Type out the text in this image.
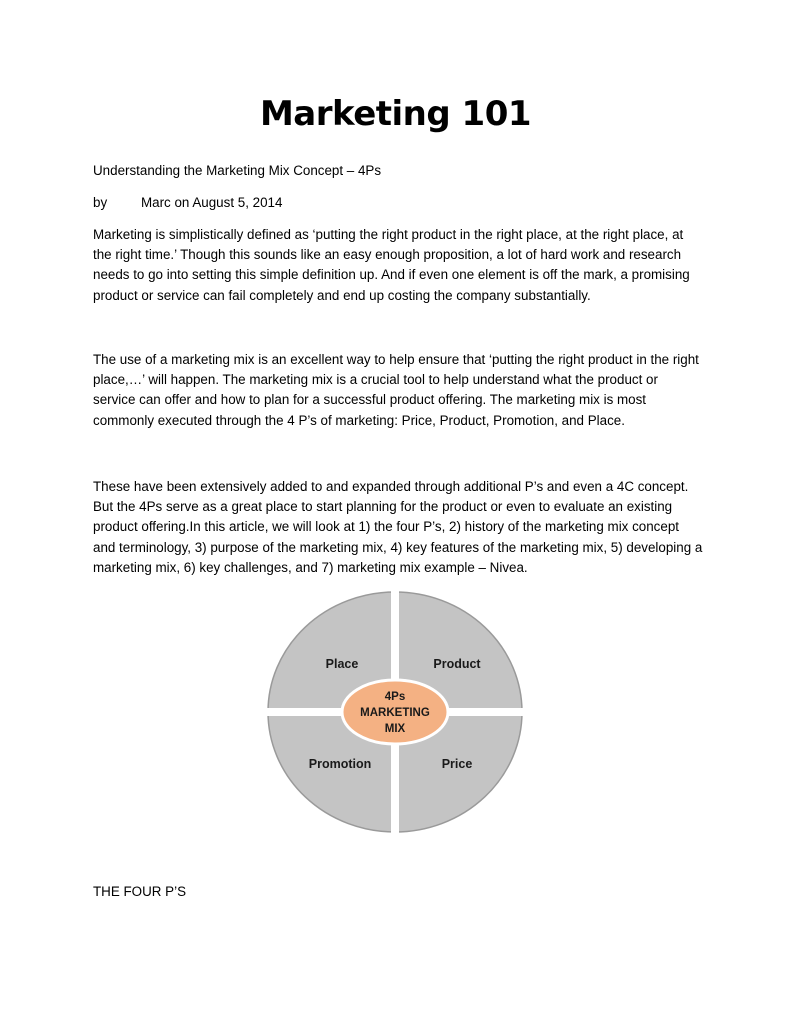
Marketing 101
Understanding the Marketing Mix Concept – 4Ps
by	Marc on August 5, 2014
Marketing is simplistically defined as ‘putting the right product in the right place, at the right place, at the right time.’ Though this sounds like an easy enough proposition, a lot of hard work and research needs to go into setting this simple definition up. And if even one element is off the mark, a promising product or service can fail completely and end up costing the company substantially.
The use of a marketing mix is an excellent way to help ensure that ‘putting the right product in the right place,…’ will happen. The marketing mix is a crucial tool to help understand what the product or service can offer and how to plan for a successful product offering. The marketing mix is most commonly executed through the 4 P’s of marketing: Price, Product, Promotion, and Place.
These have been extensively added to and expanded through additional P’s and even a 4C concept. But the 4Ps serve as a great place to start planning for the product or even to evaluate an existing product offering.In this article, we will look at 1) the four P’s, 2) history of the marketing mix concept and terminology, 3) purpose of the marketing mix, 4) key features of the marketing mix, 5) developing a marketing mix, 6) key challenges, and 7) marketing mix example – Nivea.
Place	Product
Promotion	Price
4Ps
MARKETING
MIX
THE FOUR P’S
